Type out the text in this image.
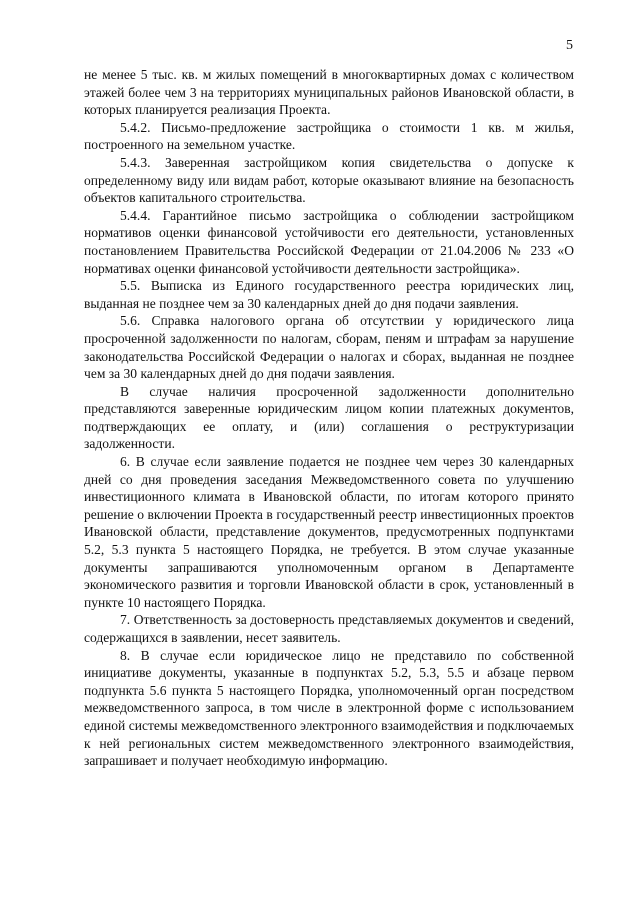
5

не менее 5 тыс. кв. м жилых помещений в многоквартирных домах с количеством этажей более чем 3 на территориях муниципальных районов Ивановской области, в которых планируется реализация Проекта.

5.4.2. Письмо-предложение застройщика о стоимости 1 кв. м жилья, построенного на земельном участке.

5.4.3. Заверенная застройщиком копия свидетельства о допуске к определенному виду или видам работ, которые оказывают влияние на безопасность объектов капитального строительства.

5.4.4. Гарантийное письмо застройщика о соблюдении застройщиком нормативов оценки финансовой устойчивости его деятельности, установленных постановлением Правительства Российской Федерации от 21.04.2006 № 233 «О нормативах оценки финансовой устойчивости деятельности застройщика».

5.5. Выписка из Единого государственного реестра юридических лиц, выданная не позднее чем за 30 календарных дней до дня подачи заявления.

5.6. Справка налогового органа об отсутствии у юридического лица просроченной задолженности по налогам, сборам, пеням и штрафам за нарушение законодательства Российской Федерации о налогах и сборах, выданная не позднее чем за 30 календарных дней до дня подачи заявления.

В случае наличия просроченной задолженности дополнительно представляются заверенные юридическим лицом копии платежных документов, подтверждающих ее оплату, и (или) соглашения о реструктуризации задолженности.

6. В случае если заявление подается не позднее чем через 30 календарных дней со дня проведения заседания Межведомственного совета по улучшению инвестиционного климата в Ивановской области, по итогам которого принято решение о включении Проекта в государственный реестр инвестиционных проектов Ивановской области, представление документов, предусмотренных подпунктами 5.2, 5.3 пункта 5 настоящего Порядка, не требуется. В этом случае указанные документы запрашиваются уполномоченным органом в Департаменте экономического развития и торговли Ивановской области в срок, установленный в пункте 10 настоящего Порядка.

7. Ответственность за достоверность представляемых документов и сведений, содержащихся в заявлении, несет заявитель.

8. В случае если юридическое лицо не представило по собственной инициативе документы, указанные в подпунктах 5.2, 5.3, 5.5 и абзаце первом подпункта 5.6 пункта 5 настоящего Порядка, уполномоченный орган посредством межведомственного запроса, в том числе в электронной форме с использованием единой системы межведомственного электронного взаимодействия и подключаемых к ней региональных систем межведомственного электронного взаимодействия, запрашивает и получает необходимую информацию.
